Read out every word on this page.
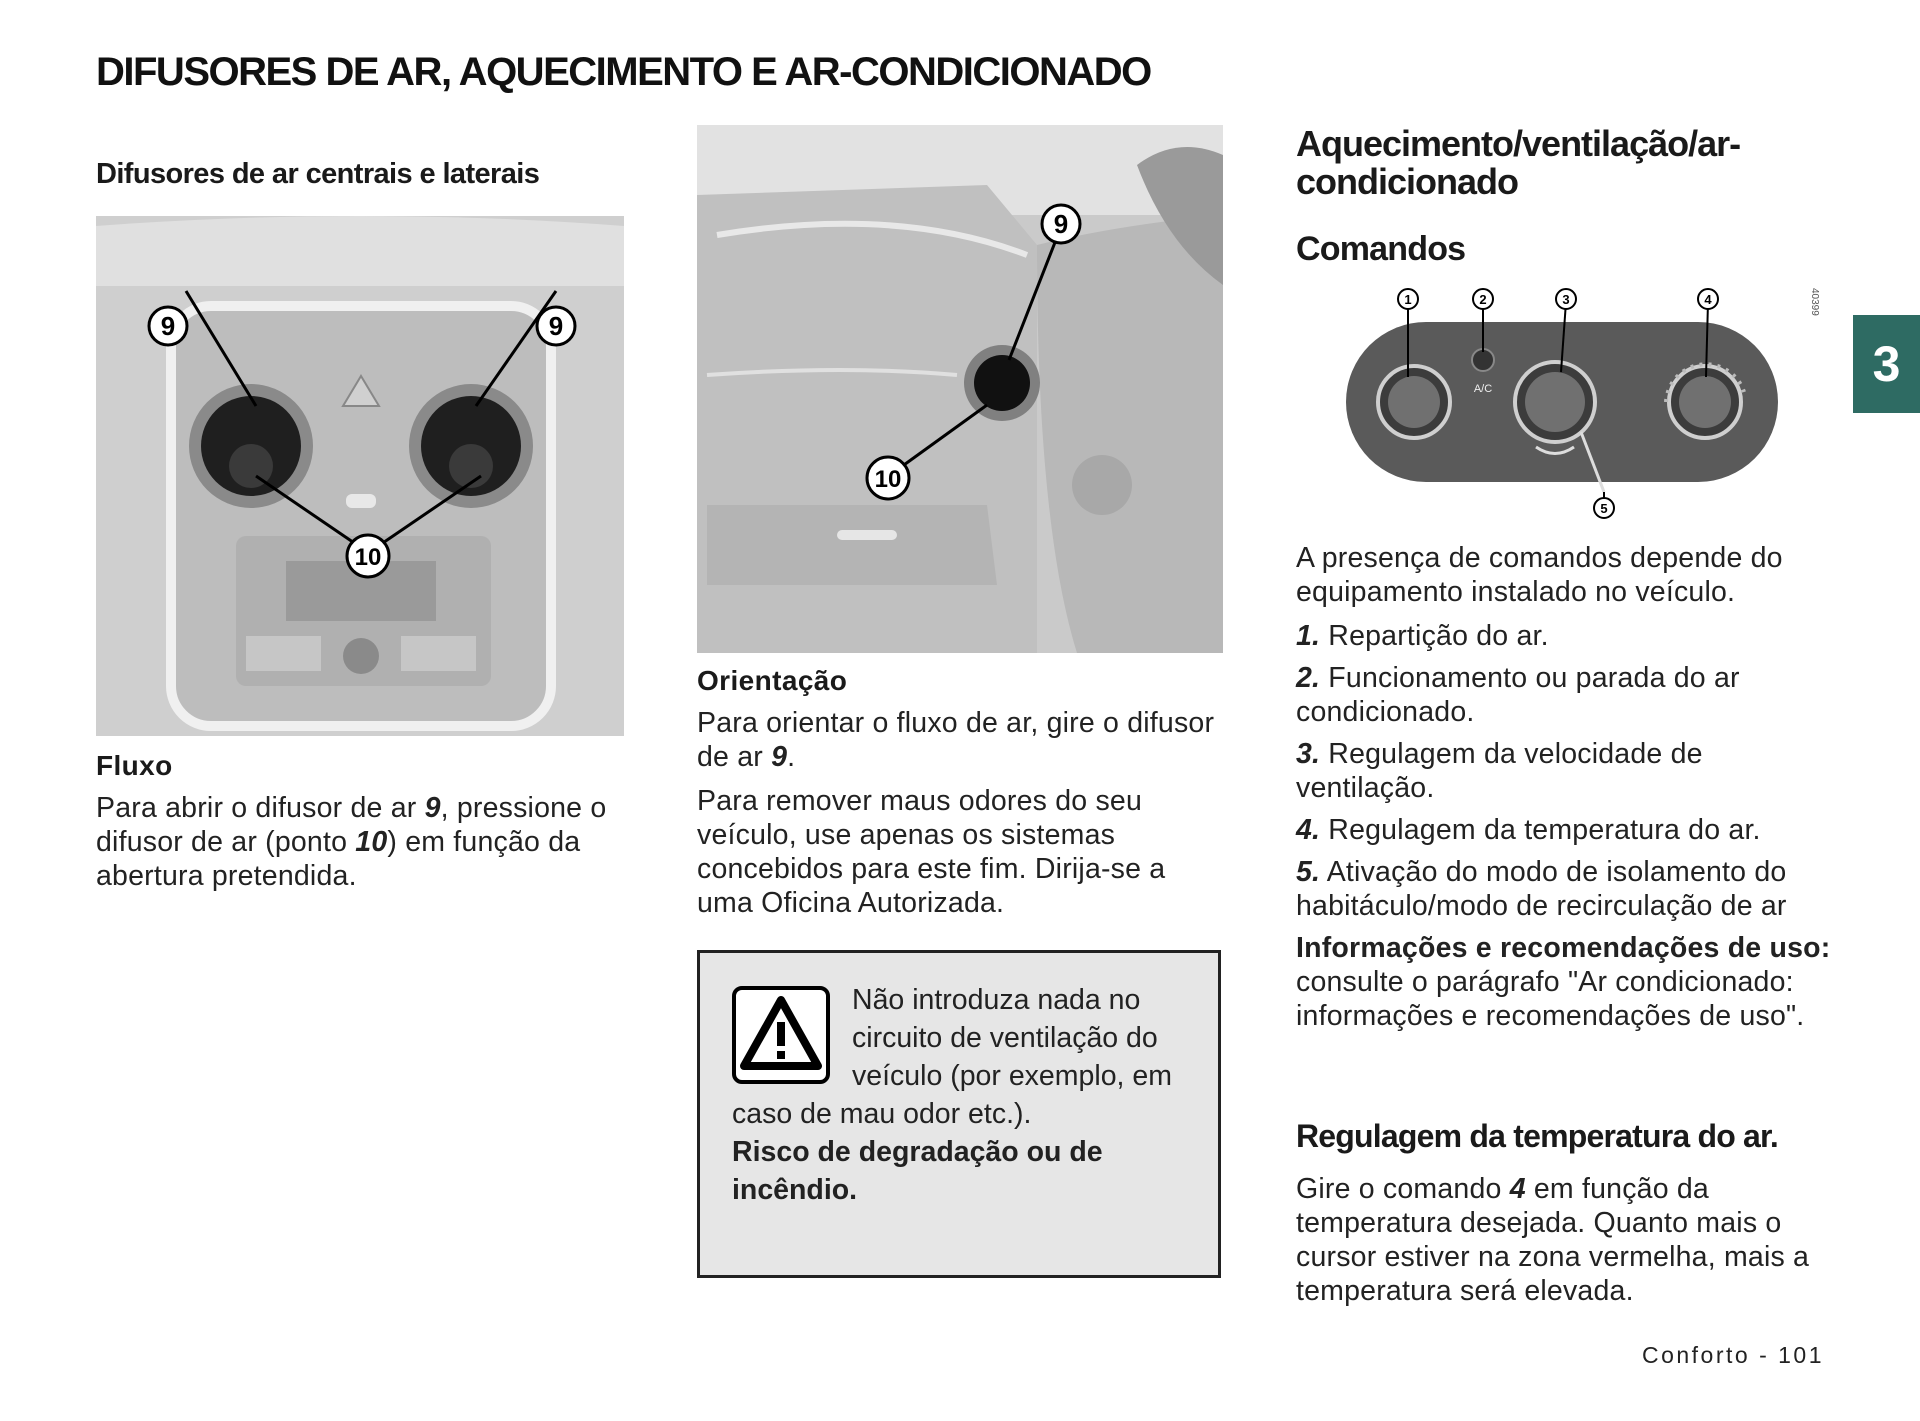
DIFUSORES DE AR, AQUECIMENTO E AR-CONDICIONADO
Difusores de ar centrais e laterais
9	9
10
Fluxo
Para abrir o difusor de ar 9, pressione o difusor de ar (ponto 10) em função da abertura pretendida.
9
10
Orientação

Para orientar o fluxo de ar, gire o difusor de ar 9.

Para remover maus odores do seu veículo, use apenas os sistemas concebidos para este fim. Dirija-se a uma Oficina Autorizada.

Não introduza nada no circuito de ventilação do veículo (por exemplo, em caso de mau odor etc.).
Risco de degradação ou de incêndio.
Aquecimento/ventilação/ar-condicionado
Comandos
A/C
1	2	3	4
5
40399

A presença de comandos depende do equipamento instalado no veículo.

1. Repartição do ar.
2. Funcionamento ou parada do ar condicionado.
3. Regulagem da velocidade de ventilação.
4. Regulagem da temperatura do ar.
5. Ativação do modo de isolamento do habitáculo/modo de recirculação de ar

Informações e recomendações de uso: consulte o parágrafo "Ar condicionado: informações e recomendações de uso".

Regulagem da temperatura do ar.
Gire o comando 4 em função da temperatura desejada. Quanto mais o cursor estiver na zona vermelha, mais a temperatura será elevada.
3
Conforto - 101
